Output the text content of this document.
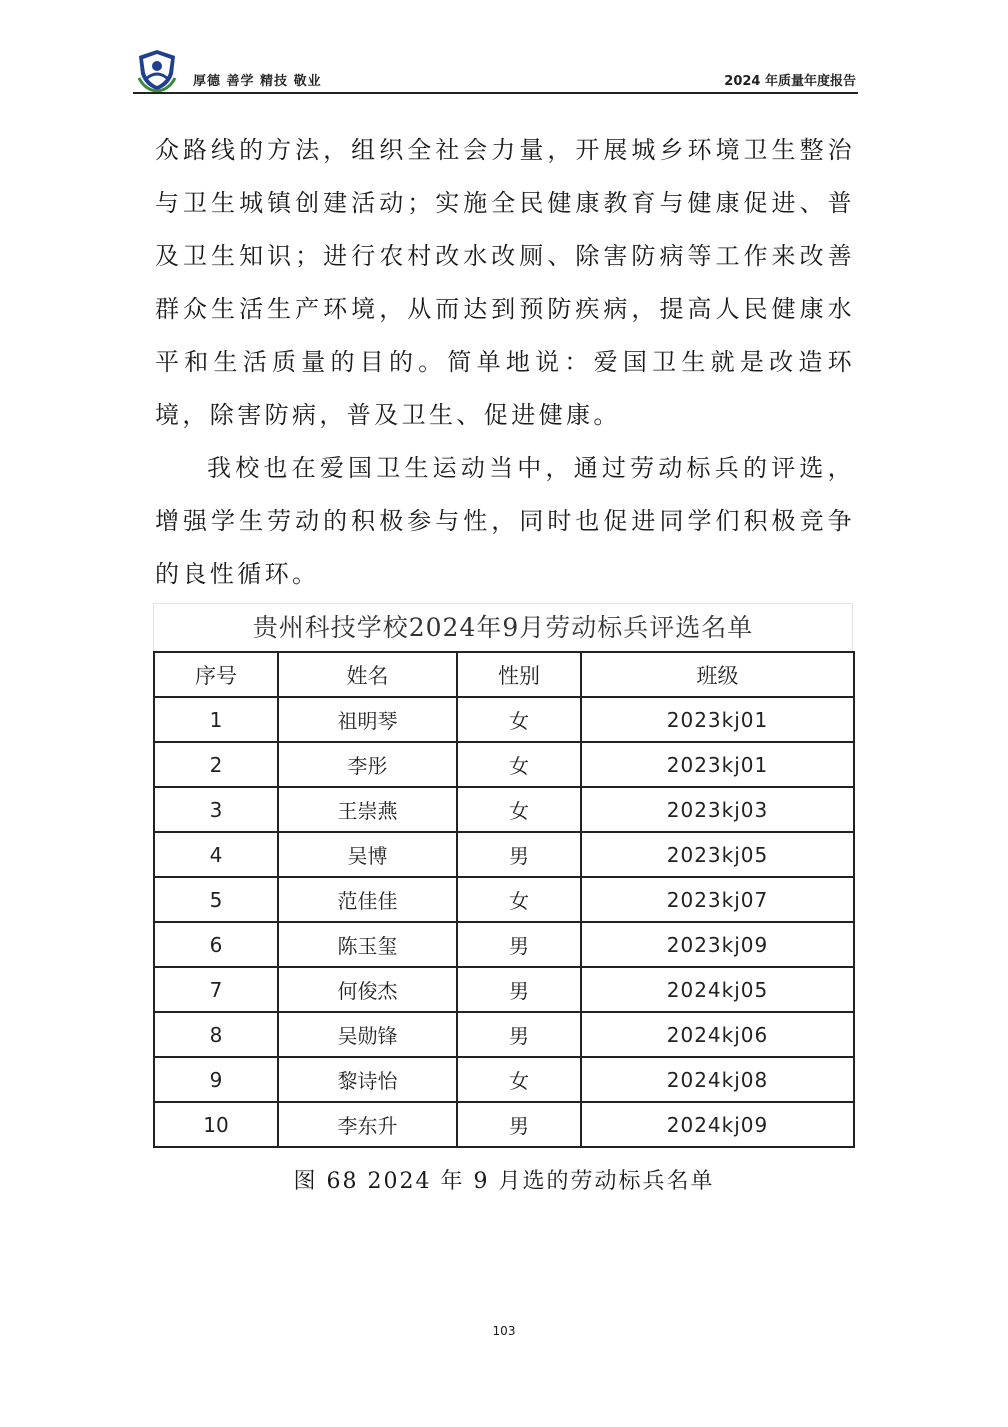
厚德 善学 精技 敬业	2024 年质量年度报告

众路线的方法，组织全社会力量，开展城乡环境卫生整治与卫生城镇创建活动；实施全民健康教育与健康促进、普及卫生知识；进行农村改水改厕、除害防病等工作来改善群众生活生产环境，从而达到预防疾病，提高人民健康水平和生活质量的目的。简单地说：爱国卫生就是改造环境，除害防病，普及卫生、促进健康。

我校也在爱国卫生运动当中，通过劳动标兵的评选，增强学生劳动的积极参与性，同时也促进同学们积极竞争的良性循环。

贵州科技学校2024年9月劳动标兵评选名单
序号	姓名	性别	班级
1	祖明琴	女	2023kj01
2	李彤	女	2023kj01
3	王崇燕	女	2023kj03
4	吴博	男	2023kj05
5	范佳佳	女	2023kj07
6	陈玉玺	男	2023kj09
7	何俊杰	男	2024kj05
8	吴勋锋	男	2024kj06
9	黎诗怡	女	2024kj08
10	李东升	男	2024kj09
图 68 2024 年 9 月选的劳动标兵名单
103
